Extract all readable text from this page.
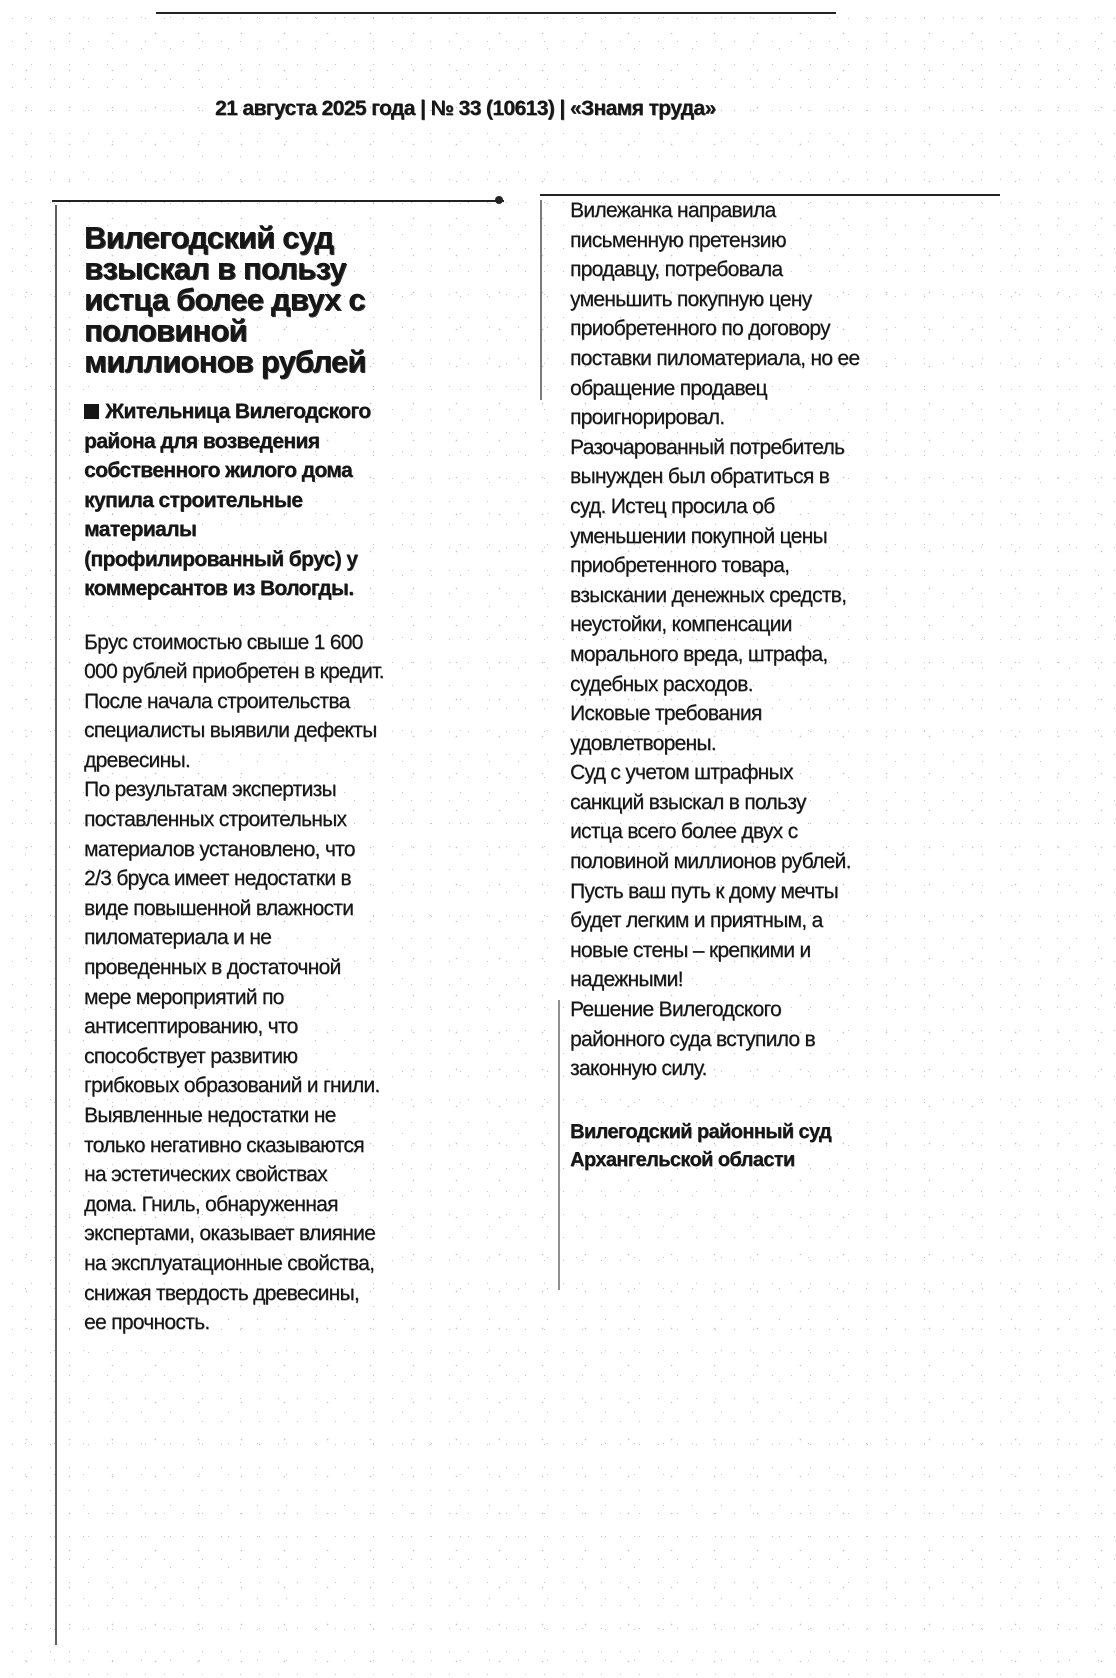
21 августа 2025 года | № 33 (10613) | «Знамя труда»
Вилегодский суд взыскал в пользу истца более двух с половиной миллионов рублей

Жительница Вилегодского района для возведения собственного жилого дома купила строительные материалы (профилированный брус) у коммерсантов из Вологды.

Брус стоимостью свыше 1 600 000 рублей приобретен в кредит.

После начала строительства специалисты выявили дефекты древесины.

По результатам экспертизы поставленных строительных материалов установлено, что 2/3 бруса имеет недостатки в виде повышенной влажности пиломатериала и не проведенных в достаточной мере мероприятий по антисептированию, что способствует развитию грибковых образований и гнили.

Выявленные недостатки не только негативно сказываются на эстетических свойствах дома. Гниль, обнаруженная экспертами, оказывает влияние на эксплуатационные свойства, снижая твердость древесины, ее прочность.

Вилежанка направила письменную претензию продавцу, потребовала уменьшить покупную цену приобретенного по договору поставки пиломатериала, но ее обращение продавец проигнорировал.

Разочарованный потребитель вынужден был обратиться в суд. Истец просила об уменьшении покупной цены приобретенного товара, взыскании денежных средств, неустойки, компенсации морального вреда, штрафа, судебных расходов.

Исковые требования удовлетворены.

Суд с учетом штрафных санкций взыскал в пользу истца всего более двух с половиной миллионов рублей.

Пусть ваш путь к дому мечты будет легким и приятным, а новые стены – крепкими и надежными!

Решение Вилегодского районного суда вступило в законную силу.

Вилегодский районный суд Архангельской области
